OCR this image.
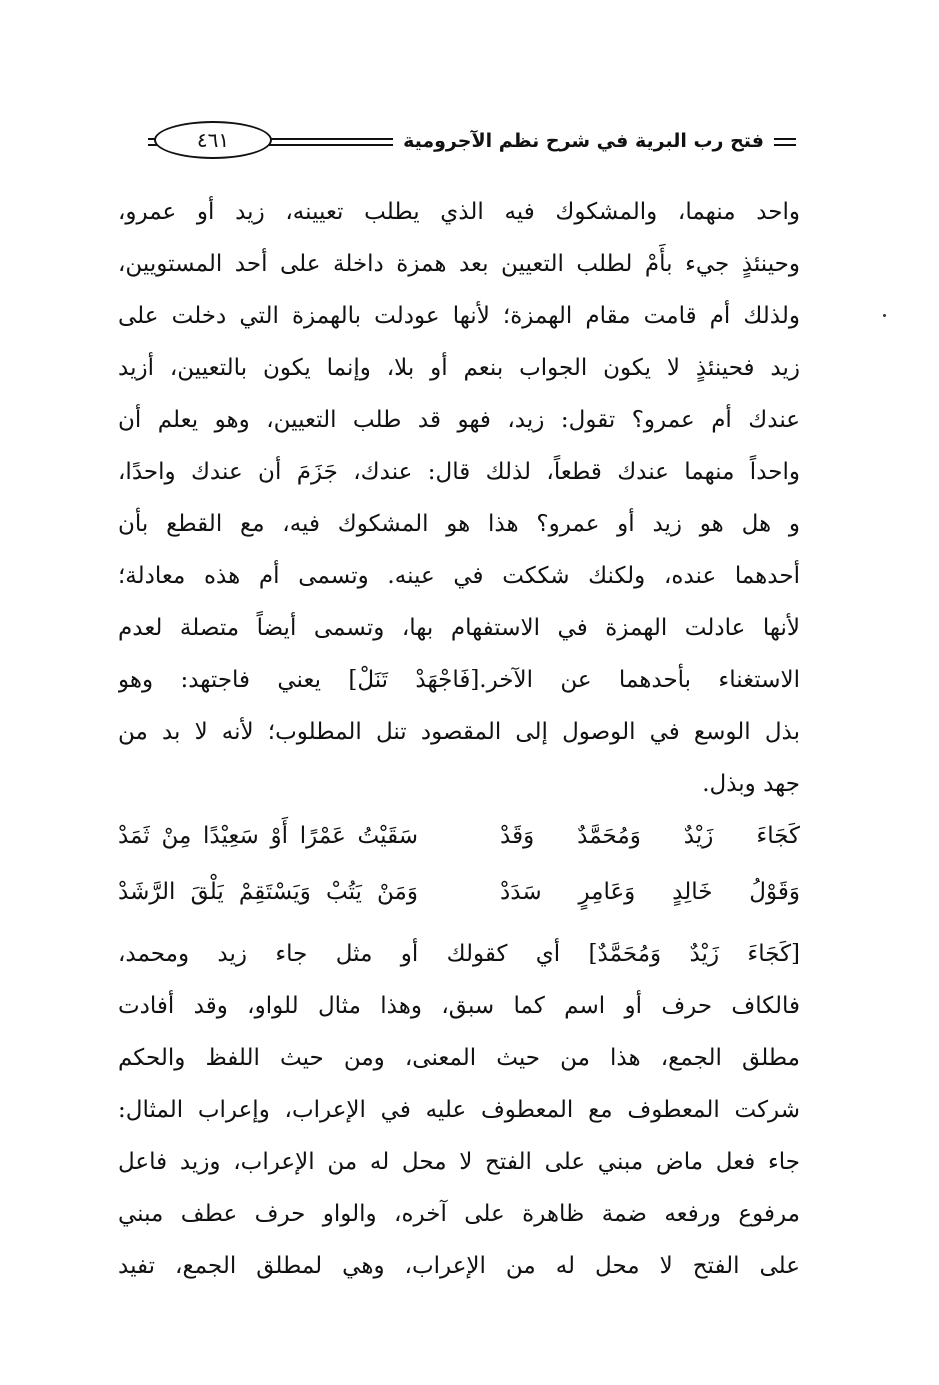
فتح رب البرية في شرح نظم الآجرومية
٤٦١
واحد منهما، والمشكوك فيه الذي يطلب تعيينه، زيد أو عمرو،
وحينئذٍ جيء بأَمْ لطلب التعيين بعد همزة داخلة على أحد المستويين،
ولذلك أم قامت مقام الهمزة؛ لأنها عودلت بالهمزة التي دخلت على
زيد فحينئذٍ لا يكون الجواب بنعم أو بلا، وإنما يكون بالتعيين، أزيد
عندك أم عمرو؟ تقول: زيد، فهو قد طلب التعيين، وهو يعلم أن
واحداً منهما عندك قطعاً، لذلك قال: عندك، جَزَمَ أن عندك واحدًا،
و هل هو زيد أو عمرو؟ هذا هو المشكوك فيه، مع القطع بأن
أحدهما عنده، ولكنك شككت في عينه. وتسمى أم هذه معادلة؛
لأنها عادلت الهمزة في الاستفهام بها، وتسمى أيضاً متصلة لعدم
الاستغناء بأحدهما عن الآخر.[فَاجْهَدْ تَنَلْ] يعني فاجتهد: وهو
بذل الوسع في الوصول إلى المقصود تنل المطلوب؛ لأنه لا بد من
جهد وبذل.
كَجَاءَ زَيْدٌ وَمُحَمَّدٌ وَقَدْ
سَقَيْتُ عَمْرًا أَوْ سَعِيْدًا مِنْ ثَمَدْ
وَقَوْلُ خَالِدٍ وَعَامِرٍ سَدَدْ
وَمَنْ يَتُبْ وَيَسْتَقِمْ يَلْقَ الرَّشَدْ
[كَجَاءَ زَيْدٌ وَمُحَمَّدٌ] أي كقولك أو مثل جاء زيد ومحمد،
فالكاف حرف أو اسم كما سبق، وهذا مثال للواو، وقد أفادت
مطلق الجمع، هذا من حيث المعنى، ومن حيث اللفظ والحكم
شركت المعطوف مع المعطوف عليه في الإعراب، وإعراب المثال:
جاء فعل ماض مبني على الفتح لا محل له من الإعراب، وزيد فاعل
مرفوع ورفعه ضمة ظاهرة على آخره، والواو حرف عطف مبني
على الفتح لا محل له من الإعراب، وهي لمطلق الجمع، تفيد
